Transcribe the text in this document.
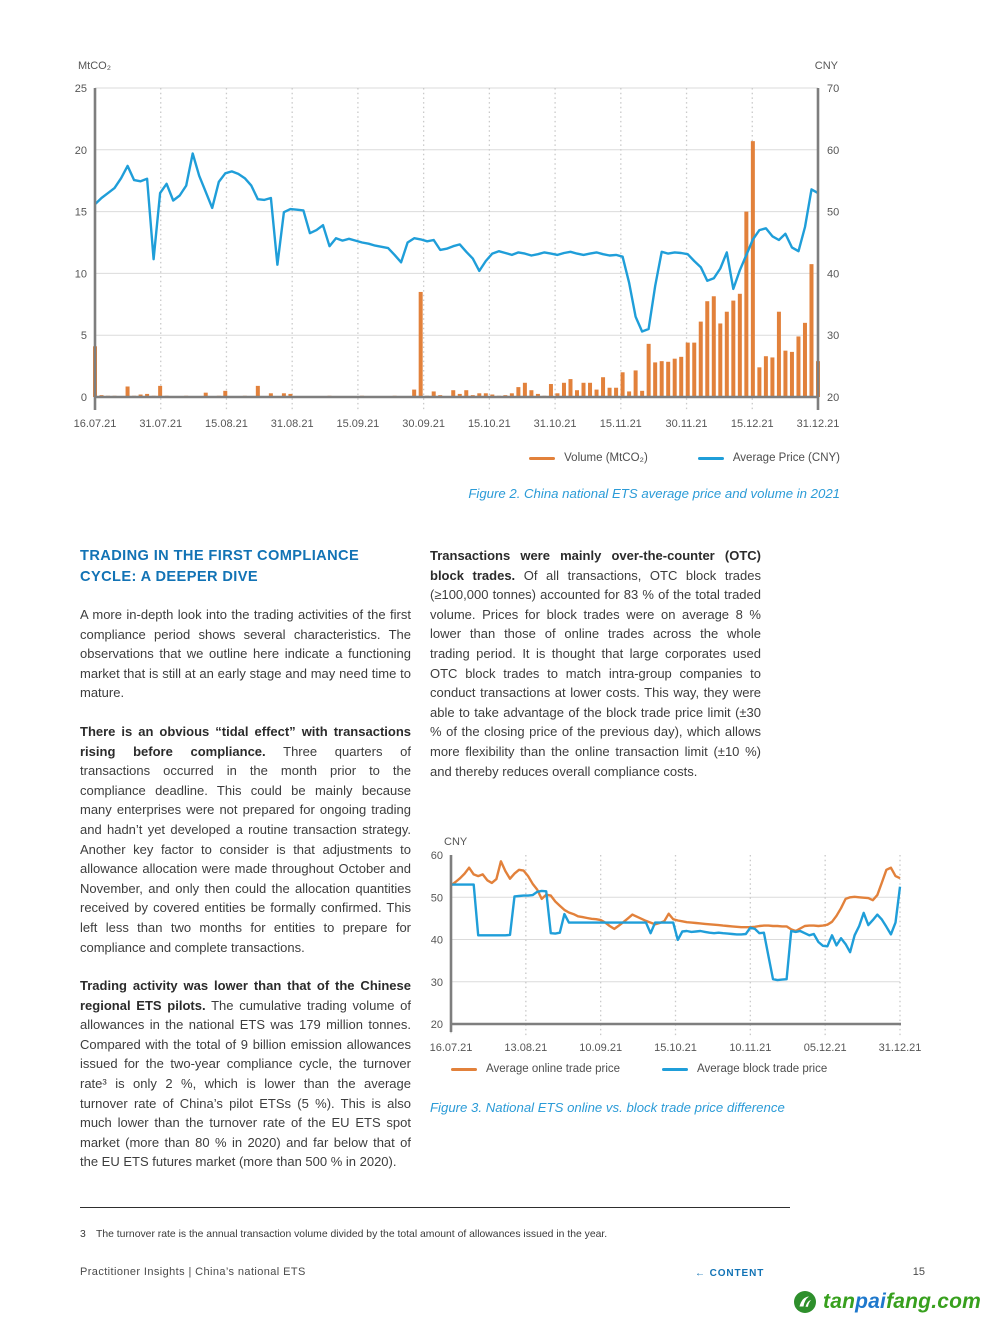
0
5
10
15
20
25
20
30
40
50
60
70
16.07.21 31.07.21 15.08.21 31.08.21 15.09.21 30.09.21 15.10.21 31.10.21 15.11.21 30.11.21 15.12.21 31.12.21
MtCO₂	CNY
Volume (MtCO₂)	Average Price (CNY)
Figure 2. China national ETS average price and volume in 2021
TRADING IN THE FIRST COMPLIANCE CYCLE: A DEEPER DIVE

A more in-depth look into the trading activities of the first compliance period shows several characteristics. The observations that we outline here indicate a functioning market that is still at an early stage and may need time to mature.

There is an obvious “tidal effect” with transactions rising before compliance. Three quarters of transactions occurred in the month prior to the compliance deadline. This could be mainly because many enterprises were not prepared for ongoing trading and hadn’t yet developed a routine transaction strategy. Another key factor to consider is that adjustments to allowance allocation were made throughout October and November, and only then could the allocation quantities received by covered entities be formally confirmed. This left less than two months for entities to prepare for compliance and complete transactions.

Trading activity was lower than that of the Chinese regional ETS pilots. The cumulative trading volume of allowances in the national ETS was 179 million tonnes. Compared with the total of 9 billion emission allowances issued for the two-year compliance cycle, the turnover rate³ is only 2 %, which is lower than the average turnover rate of China’s pilot ETSs (5 %). This is also much lower than the turnover rate of the EU ETS spot market (more than 80 % in 2020) and far below that of the EU ETS futures market (more than 500 % in 2020).

Transactions were mainly over-the-counter (OTC) block trades. Of all transactions, OTC block trades (≥100,000 tonnes) accounted for 83 % of the total traded volume. Prices for block trades were on average 8 % lower than those of online trades across the whole trading period. It is thought that large corporates used OTC block trades to match intra-group companies to conduct transactions at lower costs. This way, they were able to take advantage of the block trade price limit (±30 % of the closing price of the previous day), which allows more flexibility than the online transaction limit (±10 %) and thereby reduces overall compliance costs.

20
30
40
50
60
16.07.21	13.08.21	10.09.21	15.10.21	10.11.21	05.12.21	31.12.21
CNY
Average online trade price	Average block trade price
Figure 3. National ETS online vs. block trade price difference
3 The turnover rate is the annual transaction volume divided by the total amount of allowances issued in the year.
Practitioner Insights | China’s national ETS	← CONTENT	15
tanpaifang.com
